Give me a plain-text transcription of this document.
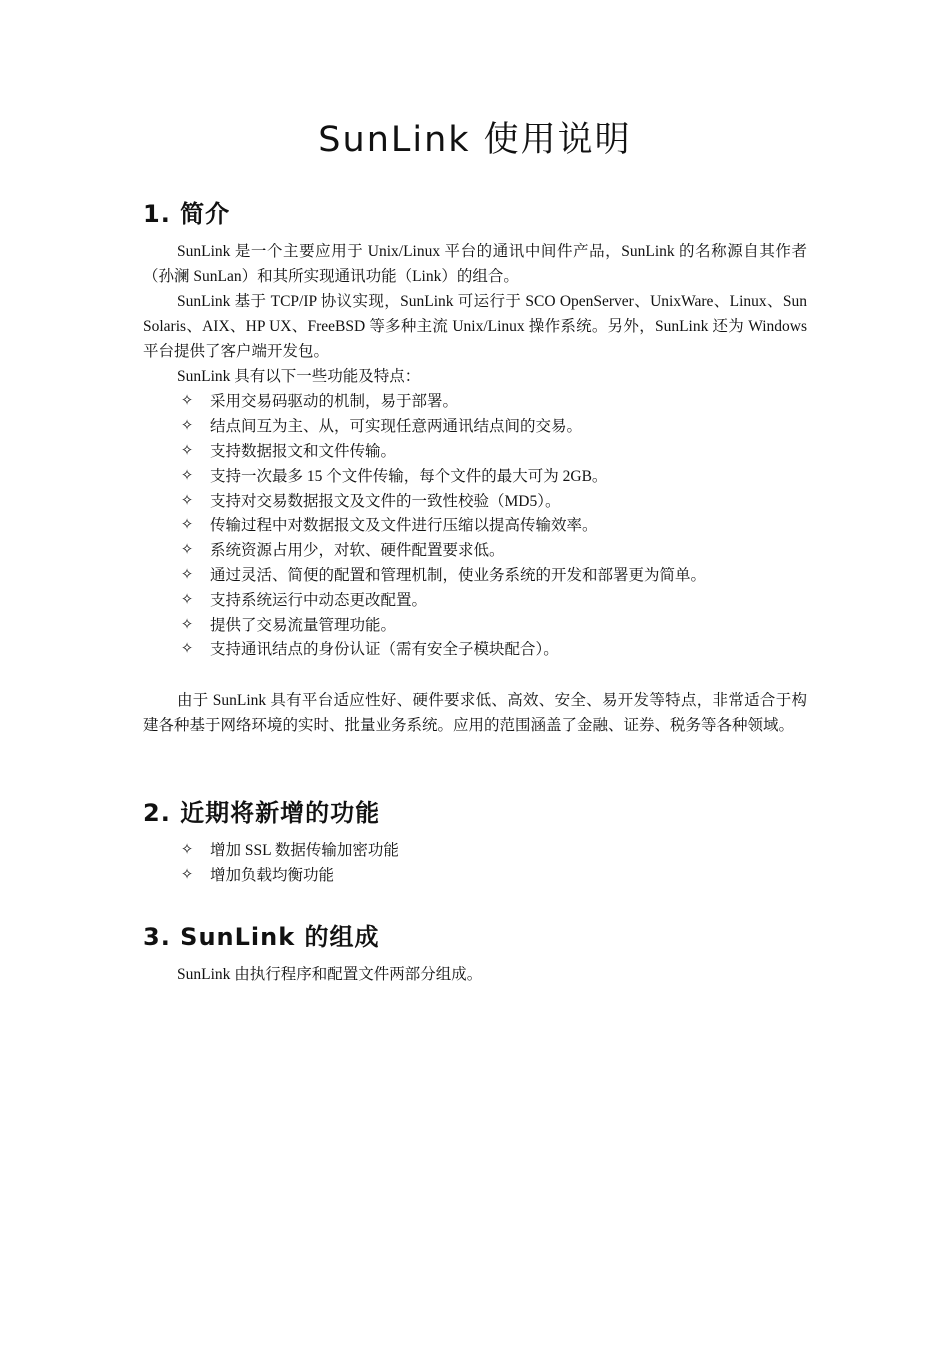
SunLink 使用说明
1. 简介

SunLink 是一个主要应用于 Unix/Linux 平台的通讯中间件产品，SunLink 的名称源自其作者（孙澜 SunLan）和其所实现通讯功能（Link）的组合。

SunLink 基于 TCP/IP 协议实现，SunLink 可运行于 SCO OpenServer、UnixWare、Linux、Sun Solaris、AIX、HP UX、FreeBSD 等多种主流 Unix/Linux 操作系统。另外，SunLink 还为 Windows 平台提供了客户端开发包。

SunLink 具有以下一些功能及特点：

✧	采用交易码驱动的机制，易于部署。
✧	结点间互为主、从，可实现任意两通讯结点间的交易。
✧	支持数据报文和文件传输。
✧	支持一次最多 15 个文件传输，每个文件的最大可为 2GB。
✧	支持对交易数据报文及文件的一致性校验（MD5）。
✧	传输过程中对数据报文及文件进行压缩以提高传输效率。
✧	系统资源占用少，对软、硬件配置要求低。
✧	通过灵活、简便的配置和管理机制，使业务系统的开发和部署更为简单。
✧	支持系统运行中动态更改配置。
✧	提供了交易流量管理功能。
✧	支持通讯结点的身份认证（需有安全子模块配合）。

由于 SunLink 具有平台适应性好、硬件要求低、高效、安全、易开发等特点，非常适合于构建各种基于网络环境的实时、批量业务系统。应用的范围涵盖了金融、证券、税务等各种领域。

2. 近期将新增的功能
✧	增加 SSL 数据传输加密功能
✧	增加负载均衡功能
3. SunLink 的组成

SunLink 由执行程序和配置文件两部分组成。
